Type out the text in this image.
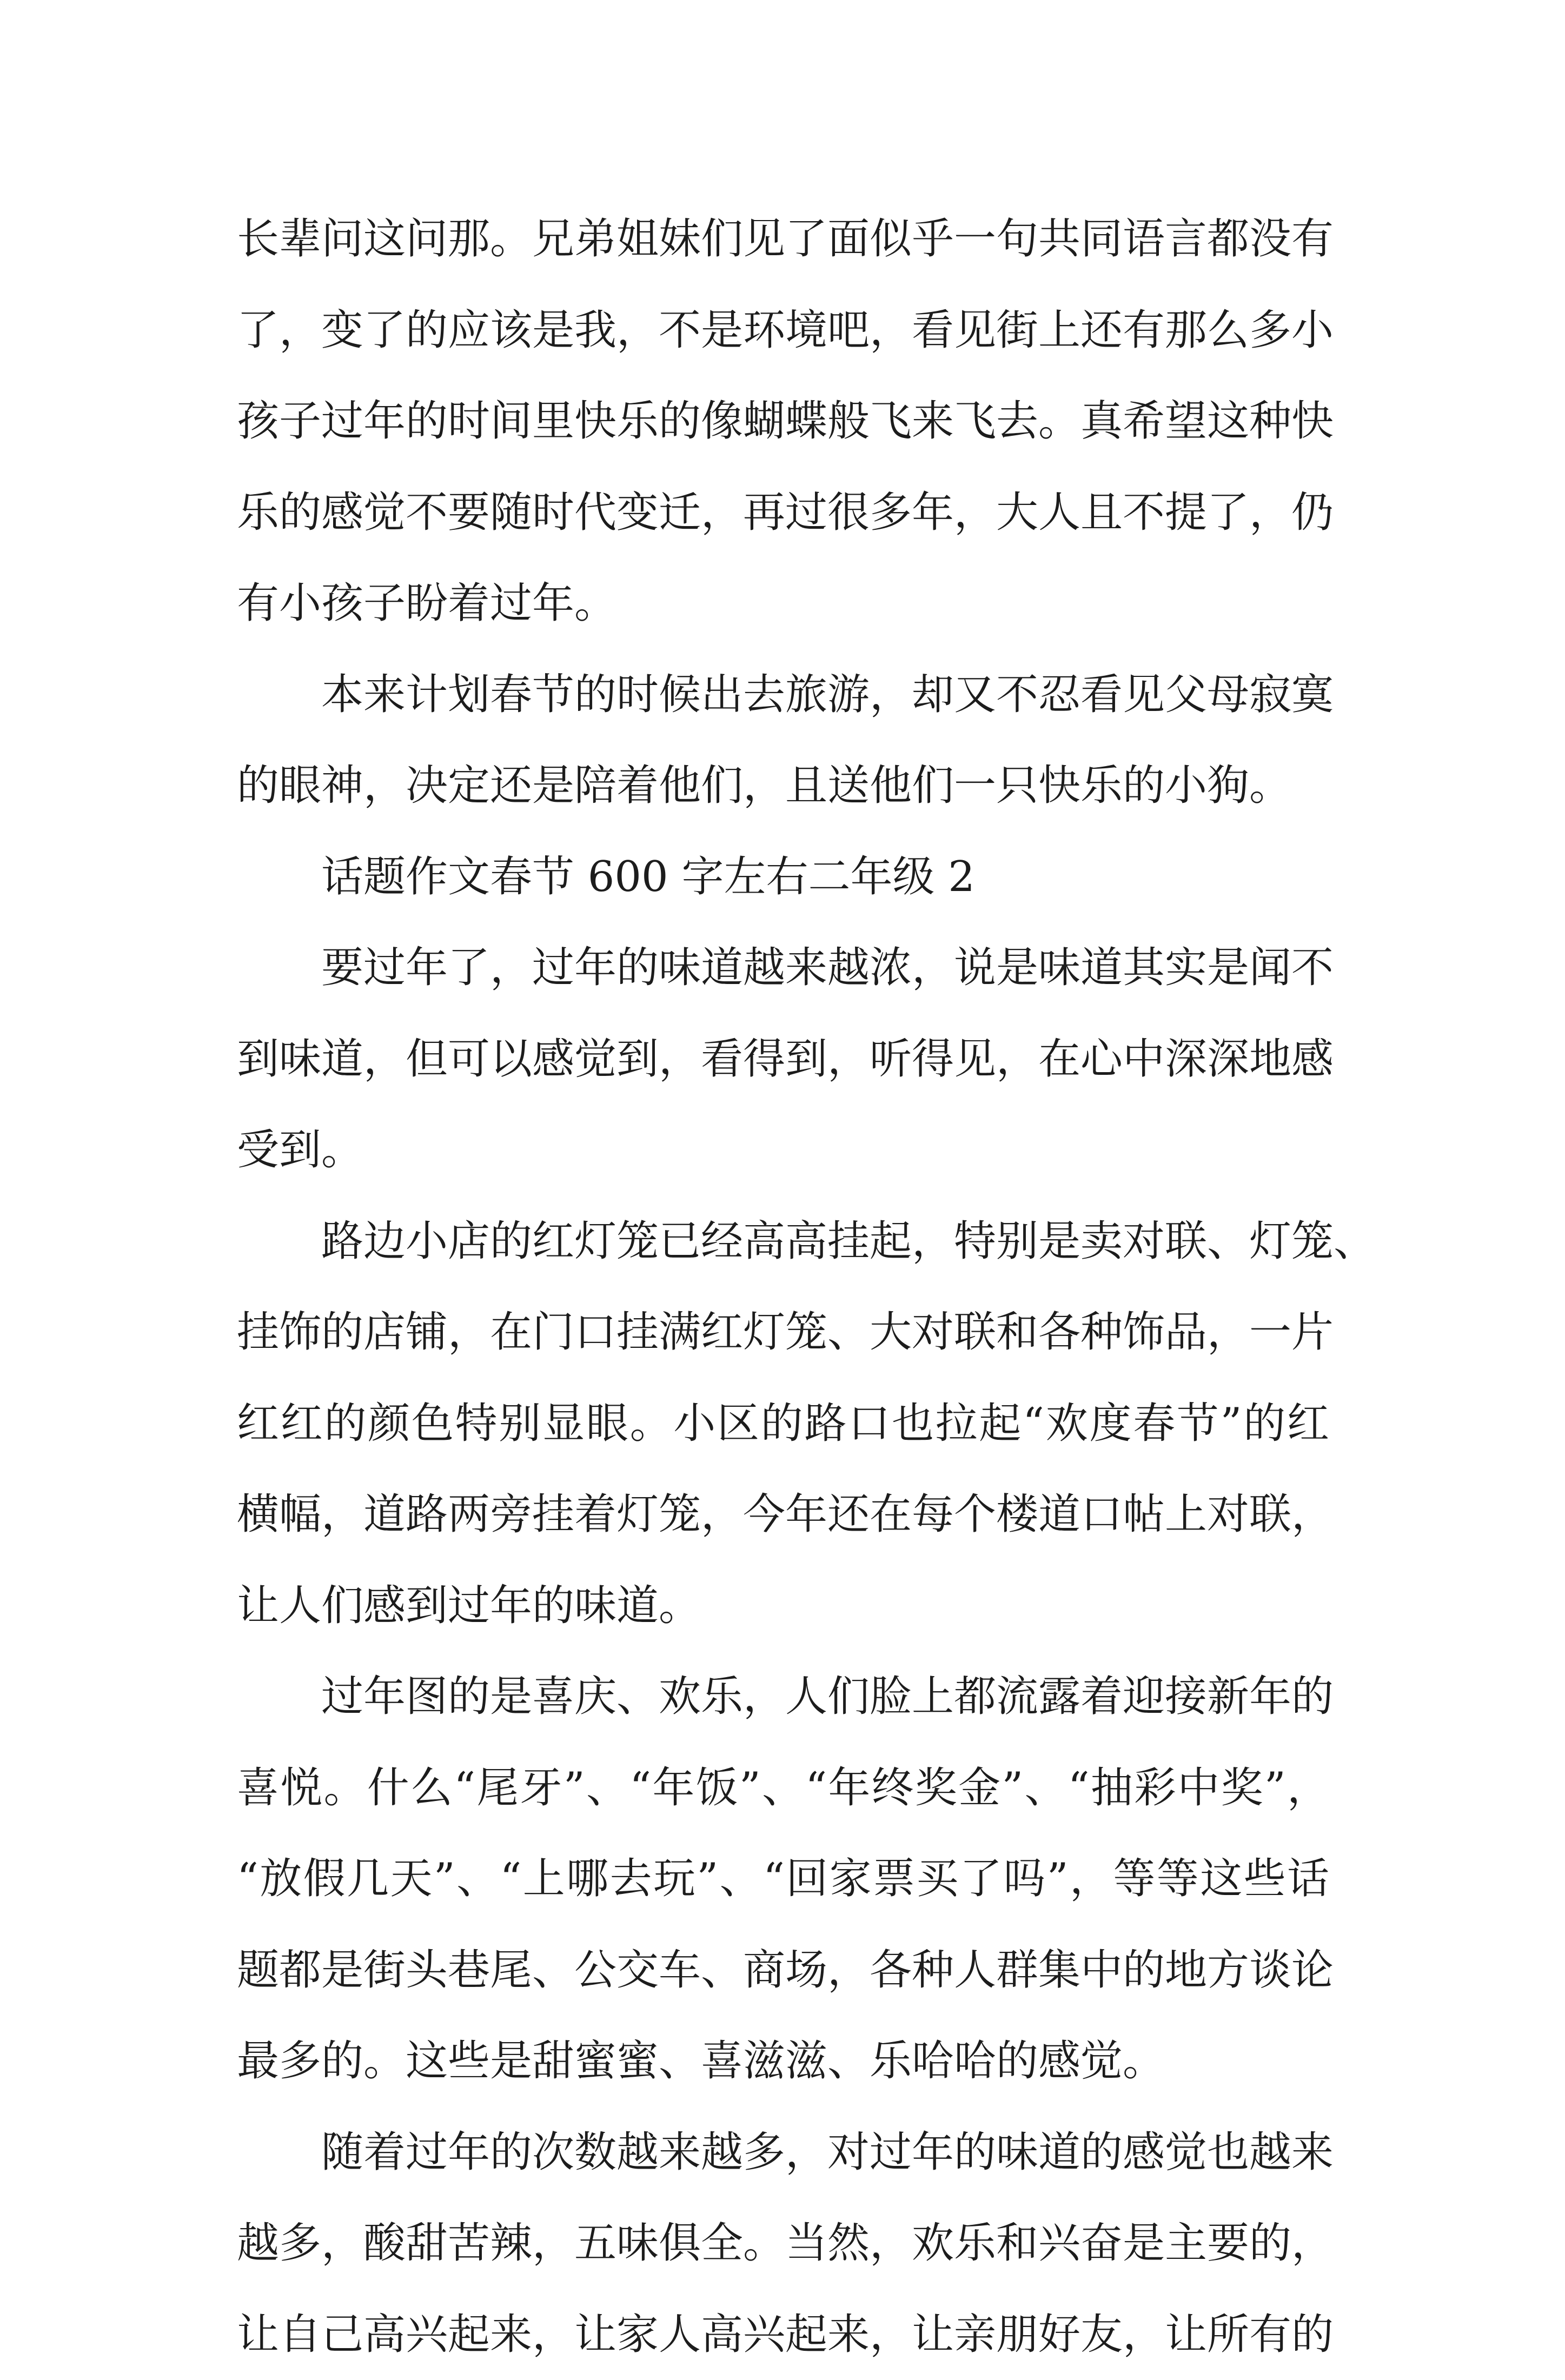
长辈问这问那。兄弟姐妹们见了面似乎一句共同语言都没有
了，变了的应该是我，不是环境吧，看见街上还有那么多小
孩子过年的时间里快乐的像蝴蝶般飞来飞去。真希望这种快
乐的感觉不要随时代变迁，再过很多年，大人且不提了，仍
有小孩子盼着过年。
本来计划春节的时候出去旅游，却又不忍看见父母寂寞
的眼神，决定还是陪着他们，且送他们一只快乐的小狗。
话题作文春节 600 字左右二年级 2
要过年了，过年的味道越来越浓，说是味道其实是闻不
到味道，但可以感觉到，看得到，听得见，在心中深深地感
受到。
路边小店的红灯笼已经高高挂起，特别是卖对联、灯笼、
挂饰的店铺，在门口挂满红灯笼、大对联和各种饰品，一片
红红的颜色特别显眼。小区的路口也拉起“欢度春节”的红
横幅，道路两旁挂着灯笼，今年还在每个楼道口帖上对联，
让人们感到过年的味道。
过年图的是喜庆、欢乐，人们脸上都流露着迎接新年的
喜悦。什么“尾牙”、“年饭”、“年终奖金”、“抽彩中奖”，
“放假几天”、“上哪去玩”、“回家票买了吗”，等等这些话
题都是街头巷尾、公交车、商场，各种人群集中的地方谈论
最多的。这些是甜蜜蜜、喜滋滋、乐哈哈的感觉。
随着过年的次数越来越多，对过年的味道的感觉也越来
越多，酸甜苦辣，五味俱全。当然，欢乐和兴奋是主要的，
让自己高兴起来，让家人高兴起来，让亲朋好友，让所有的
